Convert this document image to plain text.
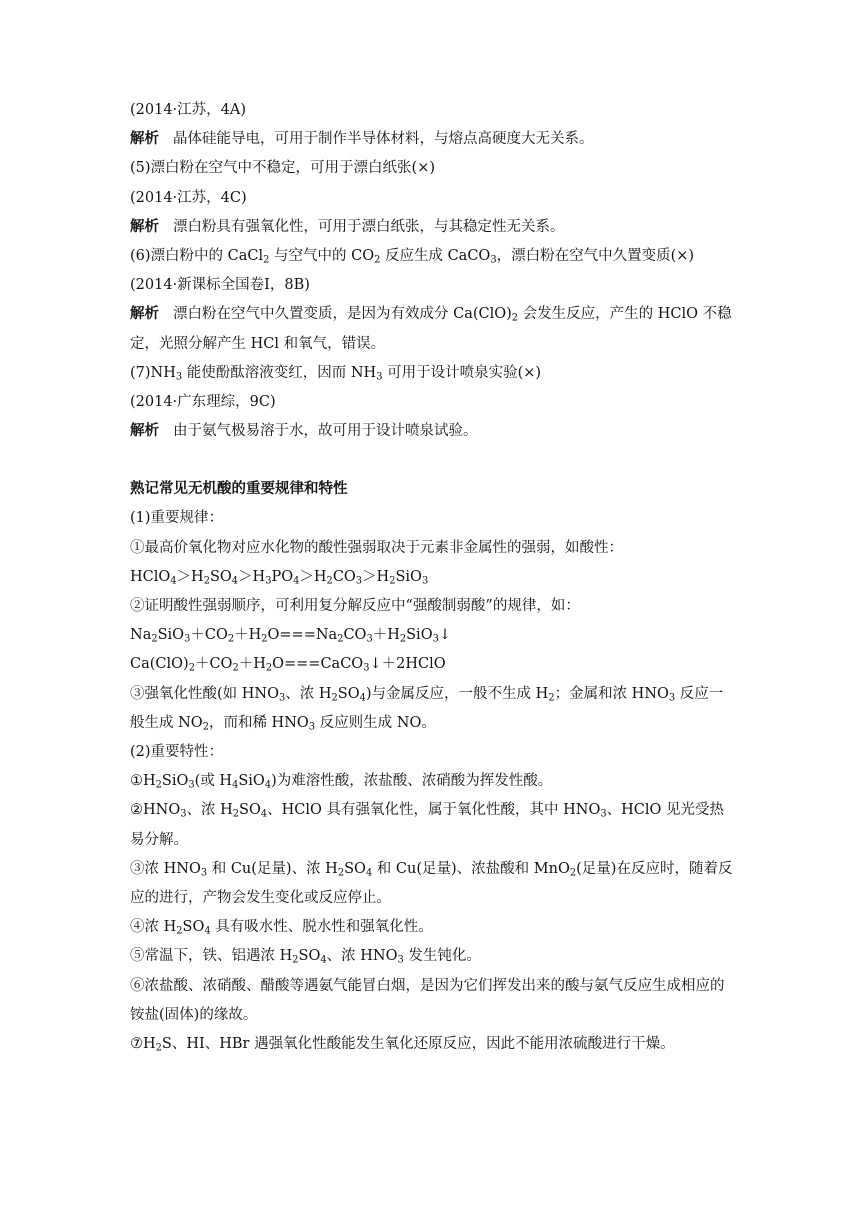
(2014·江苏，4A)
解析 晶体硅能导电，可用于制作半导体材料，与熔点高硬度大无关系。
(5)漂白粉在空气中不稳定，可用于漂白纸张(×)
(2014·江苏，4C)
解析 漂白粉具有强氧化性，可用于漂白纸张，与其稳定性无关系。
(6)漂白粉中的 CaCl$_2$ 与空气中的 $CO_2$ 反应生成 CaCO$_3$，漂白粉在空气中久置变质(×)
(2014·新课标全国卷Ⅰ，8B)
解析 漂白粉在空气中久置变质，是因为有效成分 $Ca(ClO)_2$ 会发生反应，产生的 HClO 不稳定，光照分解产生 HCl 和氧气，错误。
$(7)NH_3$ 能使酚酞溶液变红，因而 $NH_3$ 可用于设计喷泉实验(×)
(2014·广东理综，9C)
解析 由于氨气极易溶于水，故可用于设计喷泉试验。
熟记常见无机酸的重要规律和特性
(1)重要规律：
①最高价氧化物对应水化物的酸性强弱取决于元素非金属性的强弱，如酸性：
$HClO_4>H_2SO_4>H_3PO_4>H_2CO_3>H_2SiO_3$
②证明酸性强弱顺序，可利用复分解反应中“强酸制弱酸”的规律，如：
$Na_2SiO_3+CO_2+H_2O===Na_2CO_3+H_2SiO_3↓$
$Ca(ClO)_2+CO_2+H_2O===CaCO_3↓+2HClO$
③强氧化性酸(如 $HNO_3$、浓 $H_2SO_4$)与金属反应，一般不生成 $H_2$；金属和浓 $HNO_3$ 反应一般生成 $NO_2$，而和稀 $HNO_3$ 反应则生成 NO。
(2)重要特性：
$①H_2SiO_3$(或 $H_4SiO_4$)为难溶性酸，浓盐酸、浓硝酸为挥发性酸。
$②HNO_3$、浓 $H_2SO_4$、HClO 具有强氧化性，属于氧化性酸，其中 $HNO_3$、HClO 见光受热易分解。
③浓 $HNO_3$ 和 Cu(足量)、浓 $H_2SO_4$ 和 Cu(足量)、浓盐酸和 MnO$_2$(足量)在反应时，随着反应的进行，产物会发生变化或反应停止。
④浓 $H_2SO_4$ 具有吸水性、脱水性和强氧化性。
⑤常温下，铁、铝遇浓 $H_2SO_4$、浓 $HNO_3$ 发生钝化。
⑥浓盐酸、浓硝酸、醋酸等遇氨气能冒白烟，是因为它们挥发出来的酸与氨气反应生成相应的铵盐(固体)的缘故。
$⑦H_2S$、HI、HBr 遇强氧化性酸能发生氧化还原反应，因此不能用浓硫酸进行干燥。
